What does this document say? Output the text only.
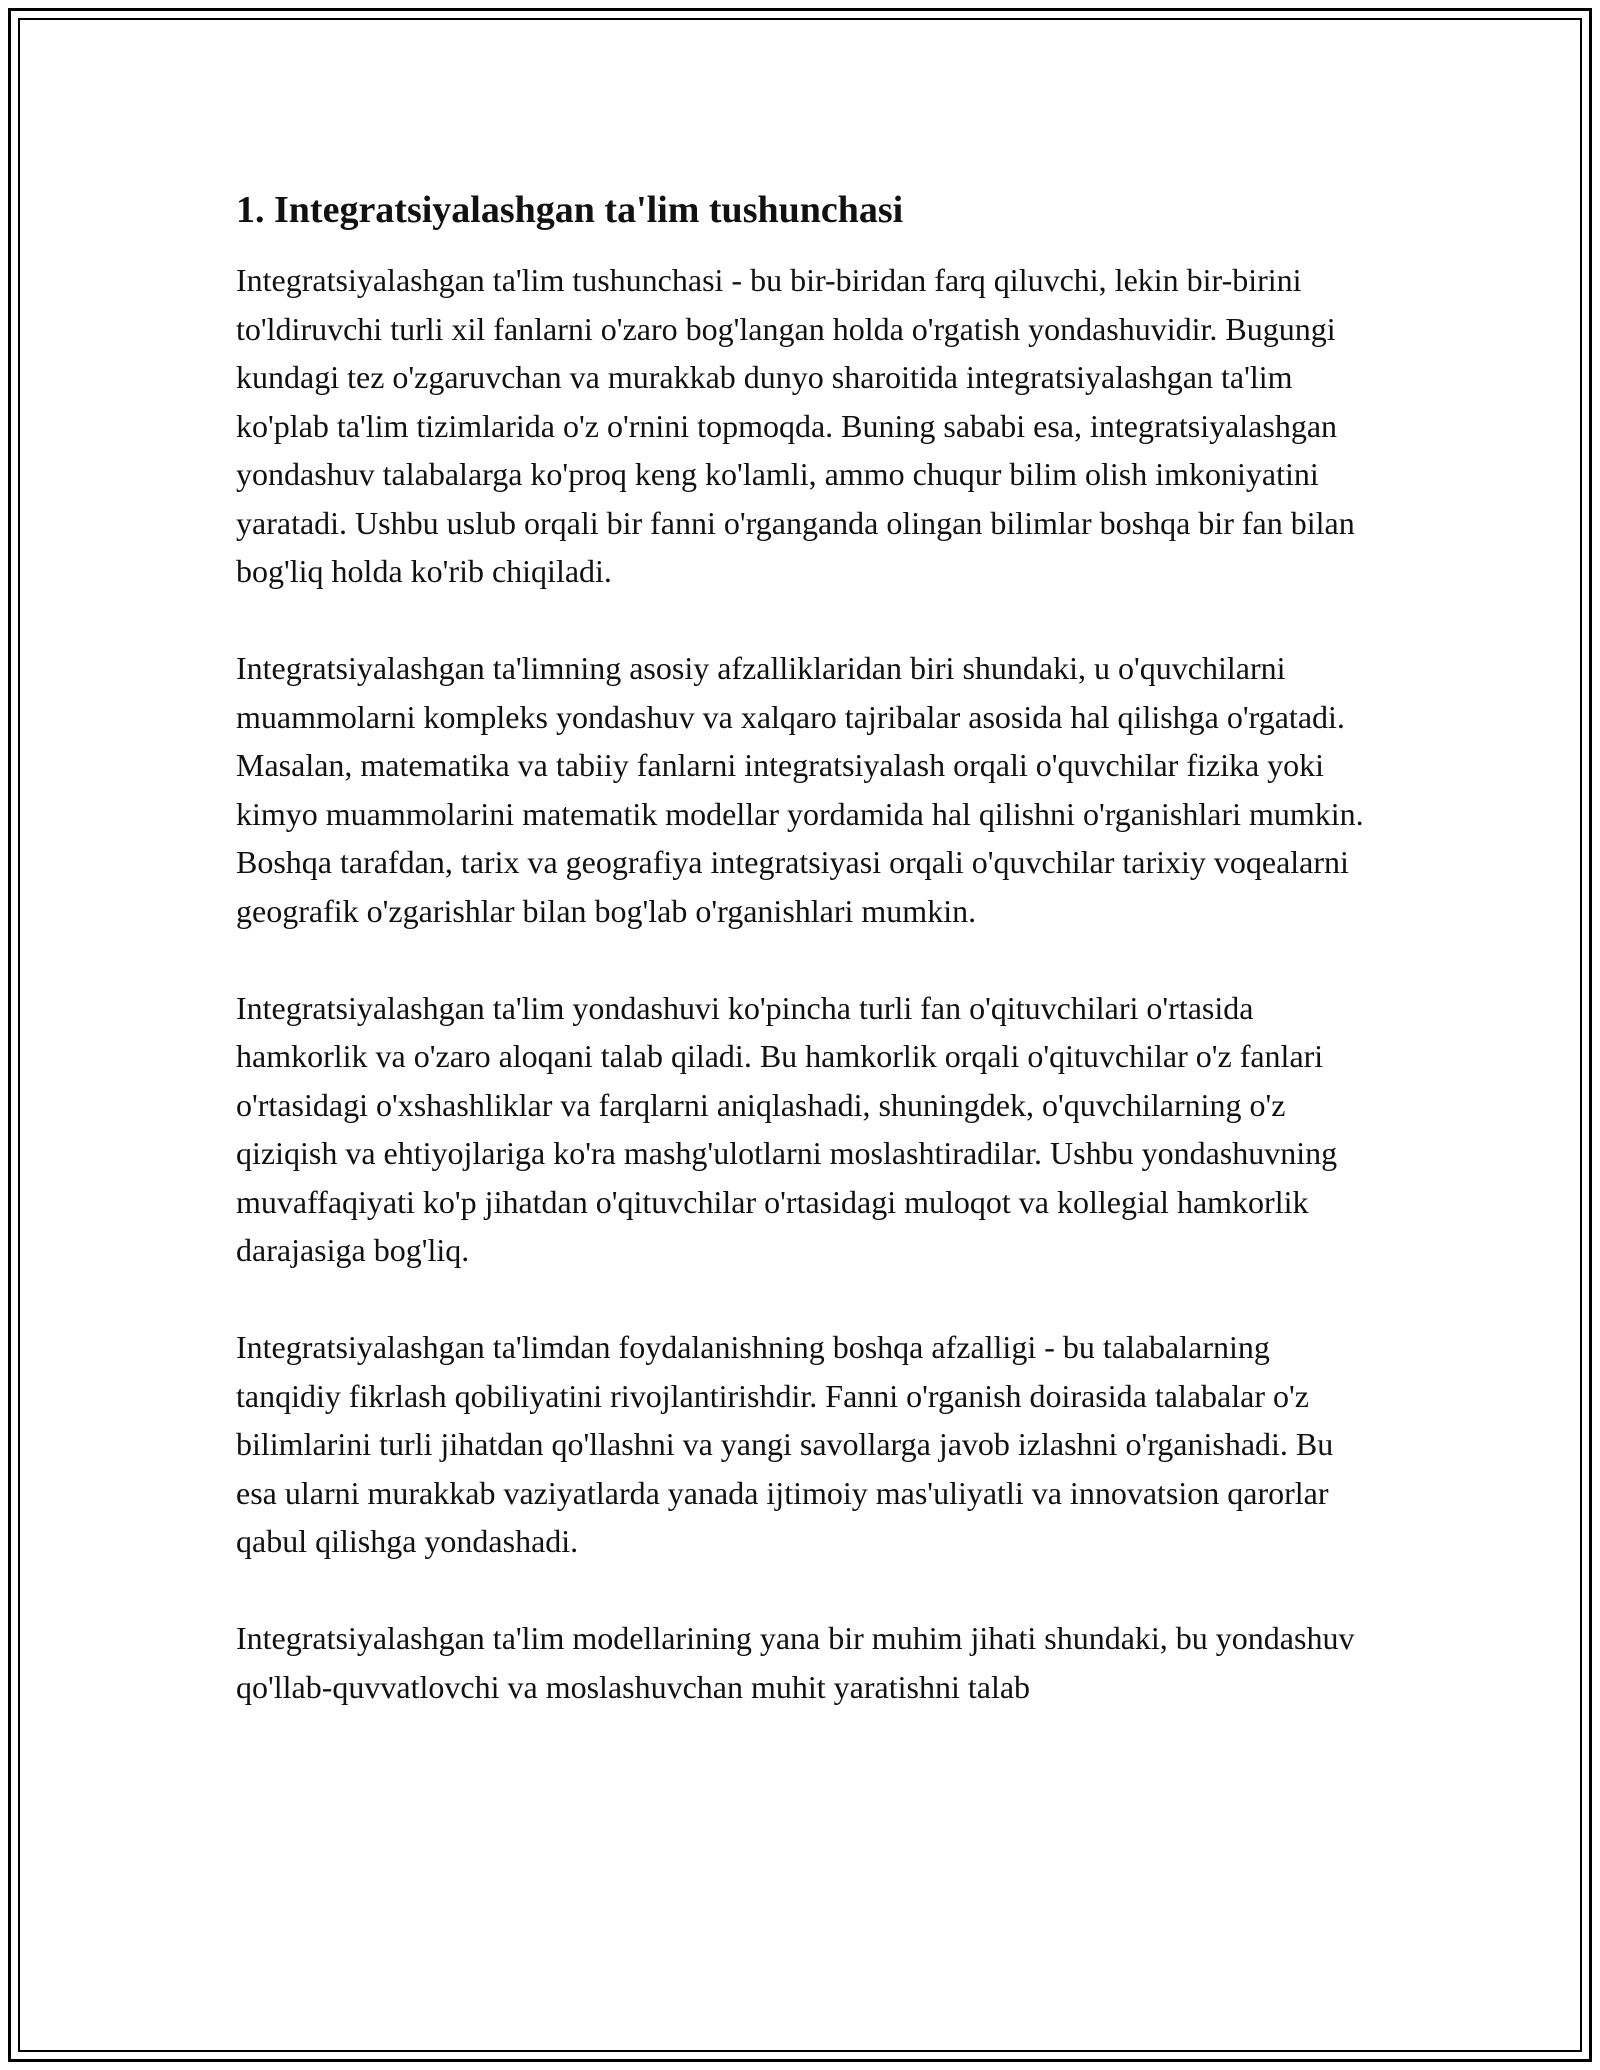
1. Integratsiyalashgan ta'lim tushunchasi

Integratsiyalashgan ta'lim tushunchasi - bu bir-biridan farq qiluvchi, lekin bir-birini to'ldiruvchi turli xil fanlarni o'zaro bog'langan holda o'rgatish yondashuvidir. Bugungi kundagi tez o'zgaruvchan va murakkab dunyo sharoitida integratsiyalashgan ta'lim ko'plab ta'lim tizimlarida o'z o'rnini topmoqda. Buning sababi esa, integratsiyalashgan yondashuv talabalarga ko'proq keng ko'lamli, ammo chuqur bilim olish imkoniyatini yaratadi. Ushbu uslub orqali bir fanni o'rganganda olingan bilimlar boshqa bir fan bilan bog'liq holda ko'rib chiqiladi.

Integratsiyalashgan ta'limning asosiy afzalliklaridan biri shundaki, u o'quvchilarni muammolarni kompleks yondashuv va xalqaro tajribalar asosida hal qilishga o'rgatadi. Masalan, matematika va tabiiy fanlarni integratsiyalash orqali o'quvchilar fizika yoki kimyo muammolarini matematik modellar yordamida hal qilishni o'rganishlari mumkin. Boshqa tarafdan, tarix va geografiya integratsiyasi orqali o'quvchilar tarixiy voqealarni geografik o'zgarishlar bilan bog'lab o'rganishlari mumkin.

Integratsiyalashgan ta'lim yondashuvi ko'pincha turli fan o'qituvchilari o'rtasida hamkorlik va o'zaro aloqani talab qiladi. Bu hamkorlik orqali o'qituvchilar o'z fanlari o'rtasidagi o'xshashliklar va farqlarni aniqlashadi, shuningdek, o'quvchilarning o'z qiziqish va ehtiyojlariga ko'ra mashg'ulotlarni moslashtiradilar. Ushbu yondashuvning muvaffaqiyati ko'p jihatdan o'qituvchilar o'rtasidagi muloqot va kollegial hamkorlik darajasiga bog'liq.

Integratsiyalashgan ta'limdan foydalanishning boshqa afzalligi - bu talabalarning tanqidiy fikrlash qobiliyatini rivojlantirishdir. Fanni o'rganish doirasida talabalar o'z bilimlarini turli jihatdan qo'llashni va yangi savollarga javob izlashni o'rganishadi. Bu esa ularni murakkab vaziyatlarda yanada ijtimoiy mas'uliyatli va innovatsion qarorlar qabul qilishga yondashadi.

Integratsiyalashgan ta'lim modellarining yana bir muhim jihati shundaki, bu yondashuv qo'llab-quvvatlovchi va moslashuvchan muhit yaratishni talab
